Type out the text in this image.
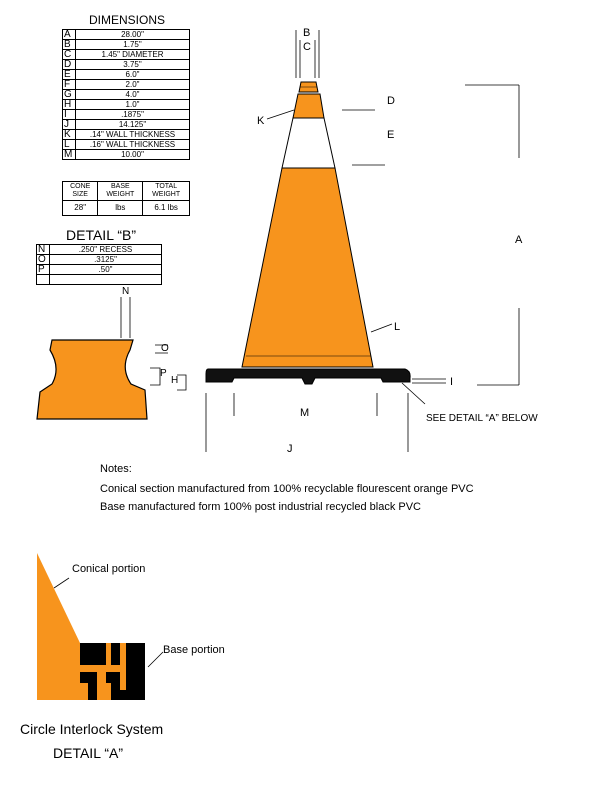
DIMENSIONS
A	28.00"
B	1.75"
C	1.45" DIAMETER
D	3.75"
E	6.0"
F	2.0"
G	4.0"
H	1.0"
I	.1875"
J	14.125"
K	.14" WALL THICKNESS
L	.16" WALL THICKNESS
M	10.00"
CONE SIZE	BASE WEIGHT	TOTAL WEIGHT
28"	lbs	6.1 lbs
DETAIL “B”
N	.250" RECESS
O	.3125"
P	.50"

N
O
P
H
B
C
D
E
A
K
L
I
M
J
SEE DETAIL “A” BELOW
Notes:
Conical section manufactured from 100% recyclable flourescent orange PVC
Base manufactured form 100% post industrial recycled black PVC
Conical portion
Base portion
Circle Interlock System
DETAIL “A”
